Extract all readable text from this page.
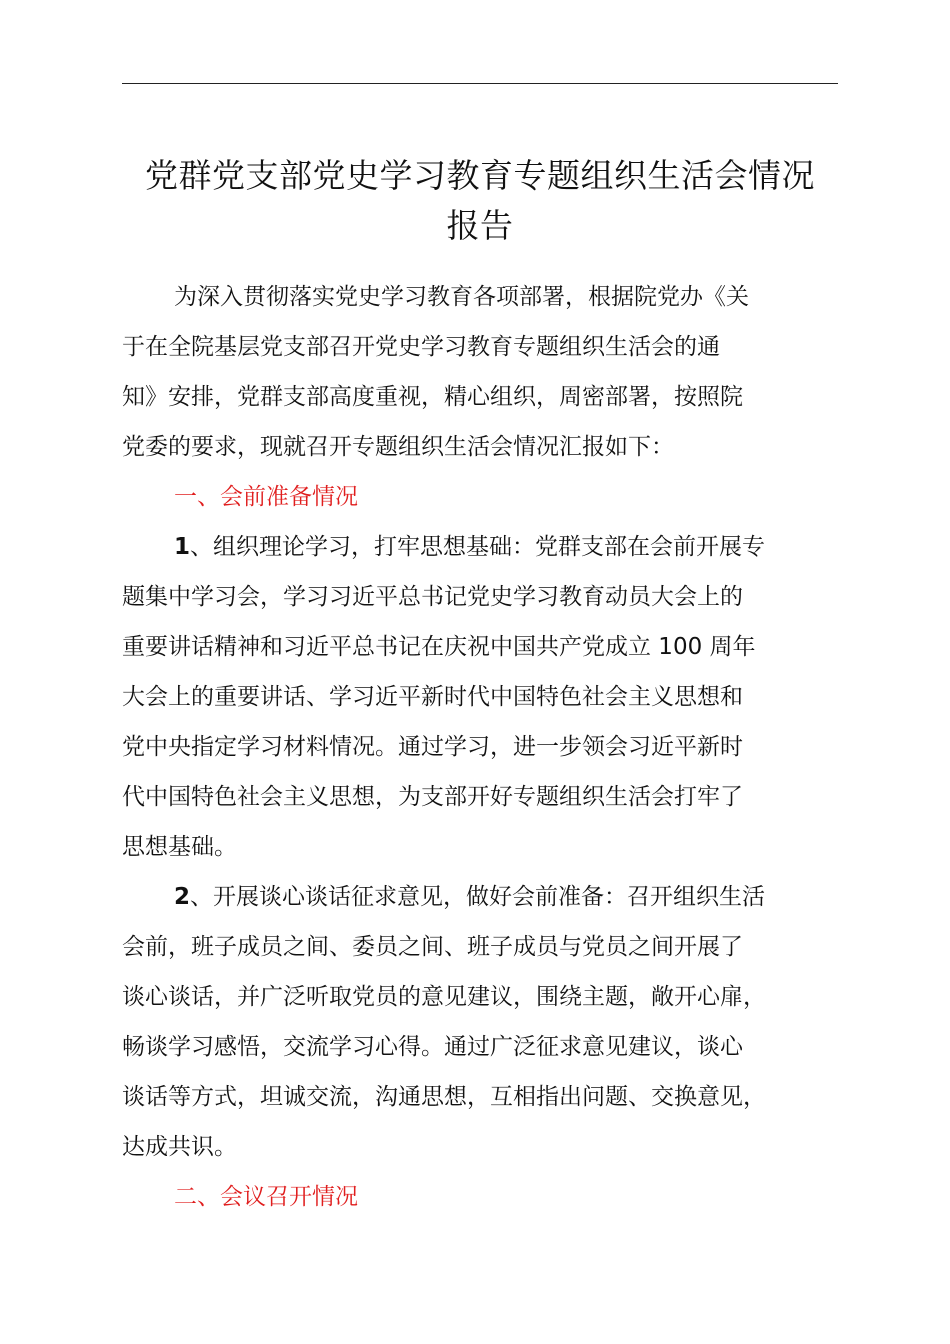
党群党支部党史学习教育专题组织生活会情况
报告
为深入贯彻落实党史学习教育各项部署，根据院党办《关
于在全院基层党支部召开党史学习教育专题组织生活会的通
知》安排，党群支部高度重视，精心组织，周密部署，按照院
党委的要求，现就召开专题组织生活会情况汇报如下：
一、会前准备情况
1、组织理论学习，打牢思想基础：党群支部在会前开展专
题集中学习会，学习习近平总书记党史学习教育动员大会上的
重要讲话精神和习近平总书记在庆祝中国共产党成立 100 周年
大会上的重要讲话、学习近平新时代中国特色社会主义思想和
党中央指定学习材料情况。通过学习，进一步领会习近平新时
代中国特色社会主义思想，为支部开好专题组织生活会打牢了
思想基础。
2、开展谈心谈话征求意见，做好会前准备：召开组织生活
会前，班子成员之间、委员之间、班子成员与党员之间开展了
谈心谈话，并广泛听取党员的意见建议，围绕主题，敞开心扉，
畅谈学习感悟，交流学习心得。通过广泛征求意见建议，谈心
谈话等方式，坦诚交流，沟通思想，互相指出问题、交换意见，
达成共识。
二、会议召开情况
